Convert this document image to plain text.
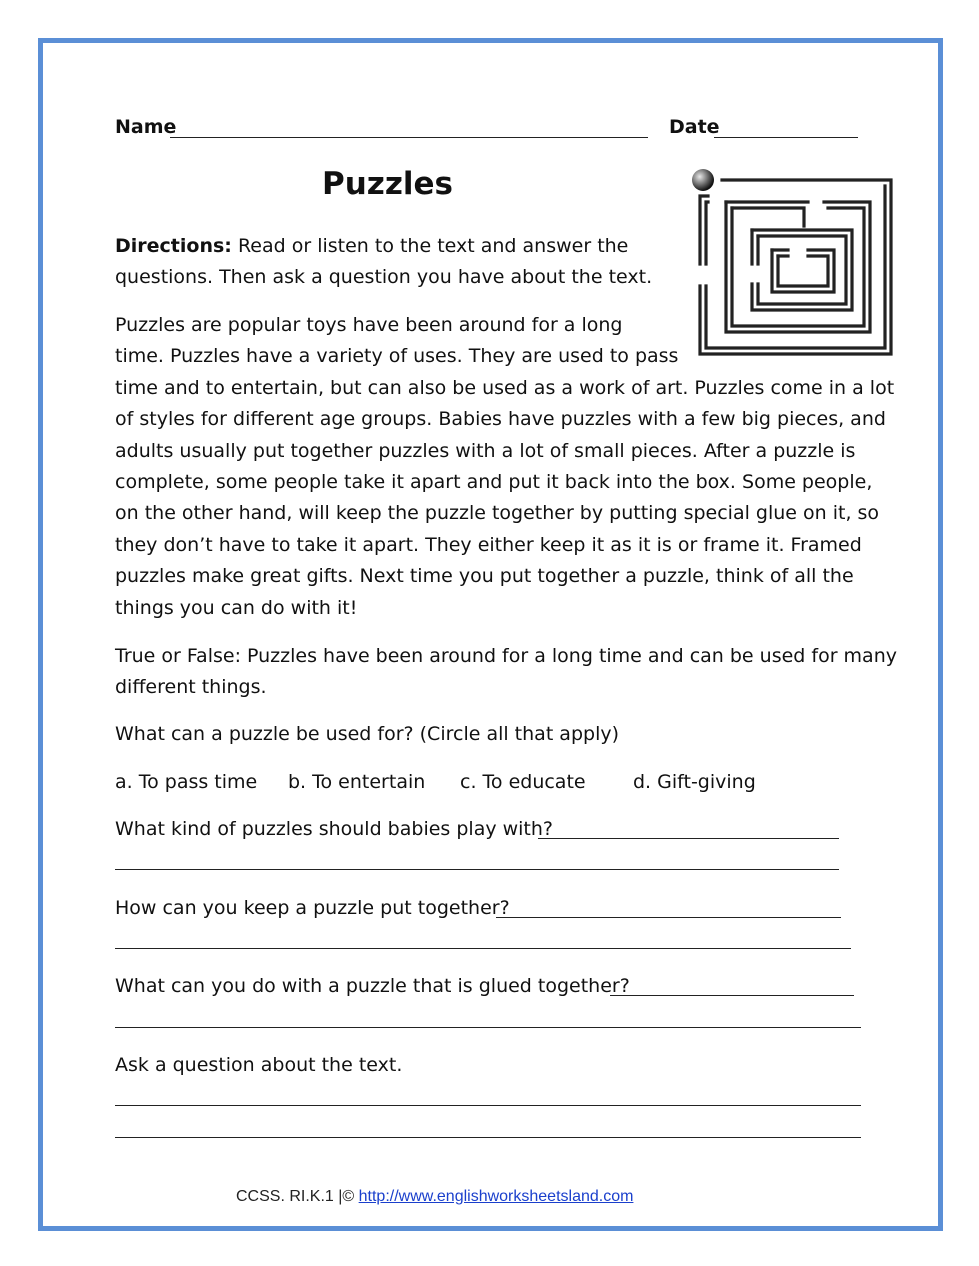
Name	Date
Puzzles
Directions: Read or listen to the text and answer the
questions. Then ask a question you have about the text.
Puzzles are popular toys have been around for a long
time. Puzzles have a variety of uses. They are used to pass
time and to entertain, but can also be used as a work of art. Puzzles come in a lot
of styles for different age groups. Babies have puzzles with a few big pieces, and
adults usually put together puzzles with a lot of small pieces. After a puzzle is
complete, some people take it apart and put it back into the box. Some people,
on the other hand, will keep the puzzle together by putting special glue on it, so
they don’t have to take it apart. They either keep it as it is or frame it. Framed
puzzles make great gifts. Next time you put together a puzzle, think of all the
things you can do with it!
True or False: Puzzles have been around for a long time and can be used for many
different things.
What can a puzzle be used for? (Circle all that apply)
a. To pass time b. To entertain c. To educate d. Gift-giving
What kind of puzzles should babies play with?
How can you keep a puzzle put together?
What can you do with a puzzle that is glued together?
Ask a question about the text.
CCSS. RI.K.1 |© http://www.englishworksheetsland.com
